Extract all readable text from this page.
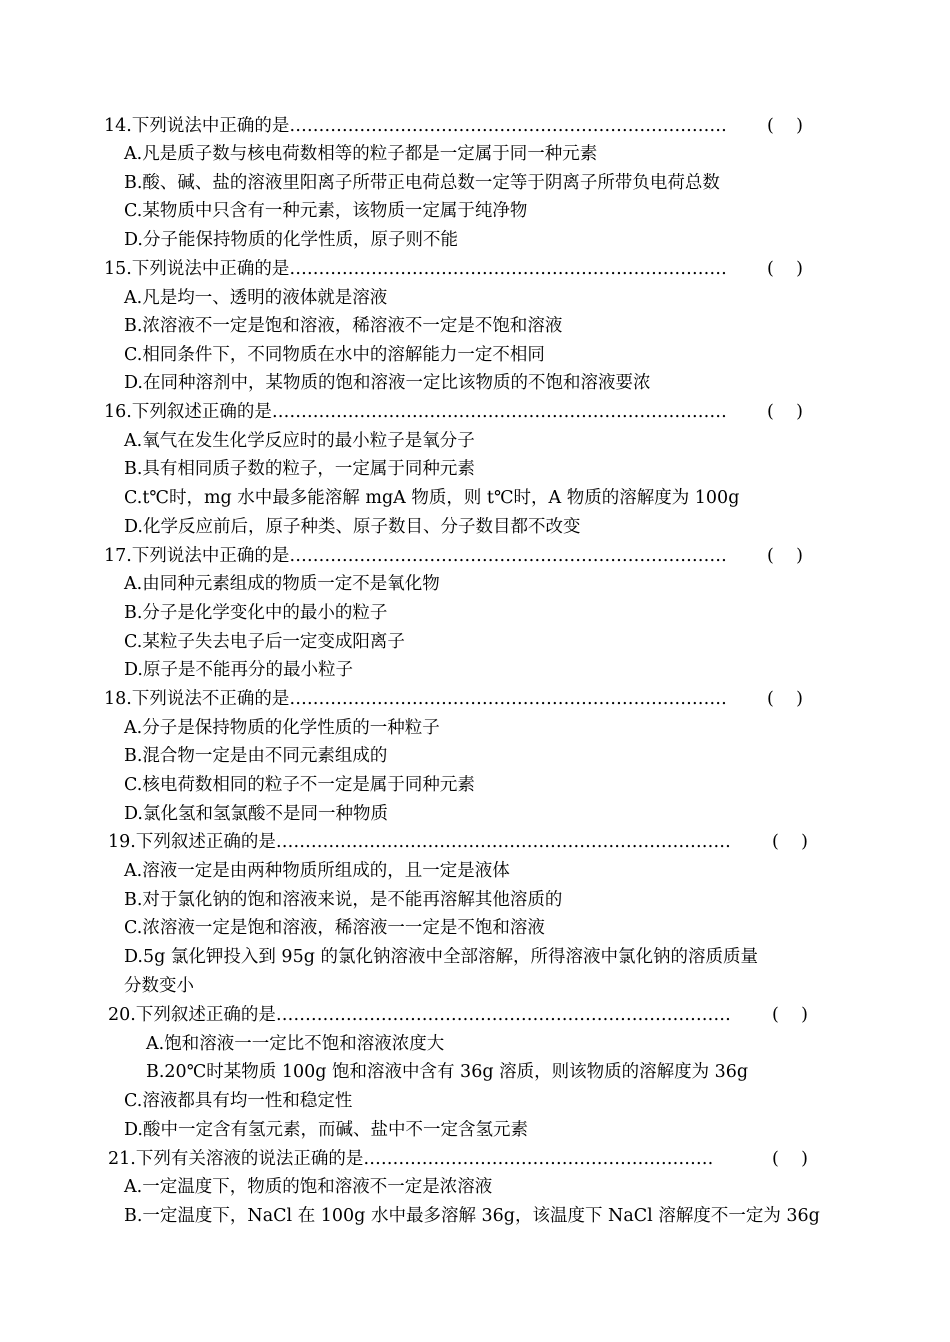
14.下列说法中正确的是………………………………………………………………… (    )
A.凡是质子数与核电荷数相等的粒子都是一定属于同一种元素
B.酸、碱、盐的溶液里阳离子所带正电荷总数一定等于阴离子所带负电荷总数
C.某物质中只含有一种元素，该物质一定属于纯净物
D.分子能保持物质的化学性质，原子则不能
15.下列说法中正确的是………………………………………………………………… (    )
A.凡是均一、透明的液体就是溶液
B.浓溶液不一定是饱和溶液，稀溶液不一定是不饱和溶液
C.相同条件下，不同物质在水中的溶解能力一定不相同
D.在同种溶剂中，某物质的饱和溶液一定比该物质的不饱和溶液要浓
16.下列叙述正确的是…………………………………………………………………… (    )
A.氧气在发生化学反应时的最小粒子是氧分子
B.具有相同质子数的粒子，一定属于同种元素
C.t℃时，mg 水中最多能溶解 mgA 物质，则 t℃时，A 物质的溶解度为 100g
D.化学反应前后，原子种类、原子数目、分子数目都不改变
17.下列说法中正确的是………………………………………………………………… (    )
A.由同种元素组成的物质一定不是氧化物
B.分子是化学变化中的最小的粒子
C.某粒子失去电子后一定变成阳离子
D.原子是不能再分的最小粒子
18.下列说法不正确的是………………………………………………………………… (    )
A.分子是保持物质的化学性质的一种粒子
B.混合物一定是由不同元素组成的
C.核电荷数相同的粒子不一定是属于同种元素
D.氯化氢和氢氯酸不是同一种物质
19.下列叙述正确的是…………………………………………………………………… (    )
A.溶液一定是由两种物质所组成的，且一定是液体
B.对于氯化钠的饱和溶液来说，是不能再溶解其他溶质的
C.浓溶液一定是饱和溶液，稀溶液一一定是不饱和溶液
D.5g 氯化钾投入到 95g 的氯化钠溶液中全部溶解，所得溶液中氯化钠的溶质质量
分数变小
20.下列叙述正确的是…………………………………………………………………… (    )
A.饱和溶液一一定比不饱和溶液浓度大
B.20℃时某物质 100g 饱和溶液中含有 36g 溶质，则该物质的溶解度为 36g
C.溶液都具有均一性和稳定性
D.酸中一定含有氢元素，而碱、盐中不一定含氢元素
21.下列有关溶液的说法正确的是……………………………………………………	(    )
A.一定温度下，物质的饱和溶液不一定是浓溶液
B.一定温度下，NaCl 在 100g 水中最多溶解 36g，该温度下 NaCl 溶解度不一定为 36g
